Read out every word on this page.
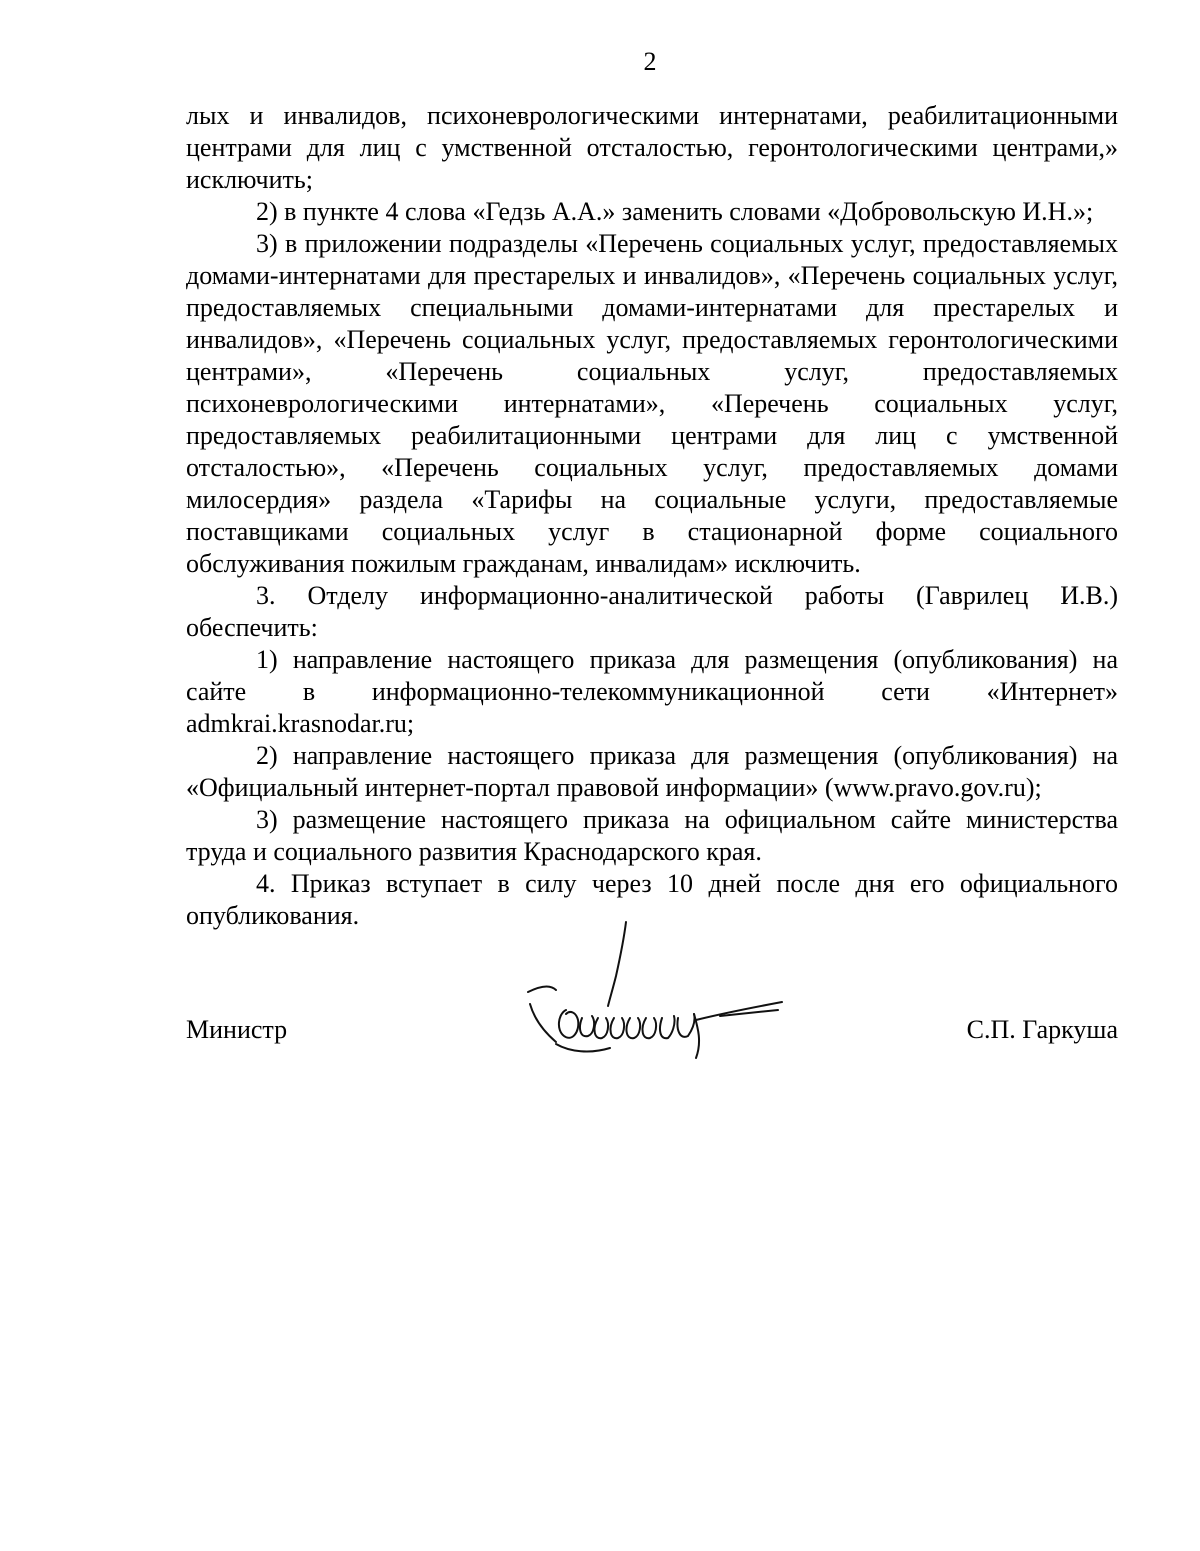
2

лых и инвалидов, психоневрологическими интернатами, реабилитационными центрами для лиц с умственной отсталостью, геронтологическими центрами,» исключить;

2) в пункте 4 слова «Гедзь А.А.» заменить словами «Добровольскую И.Н.»;

3) в приложении подразделы «Перечень социальных услуг, предоставляемых домами-интернатами для престарелых и инвалидов», «Перечень социальных услуг, предоставляемых специальными домами-интернатами для престарелых и инвалидов», «Перечень социальных услуг, предоставляемых геронтологическими центрами», «Перечень социальных услуг, предоставляемых психоневрологическими интернатами», «Перечень социальных услуг, предоставляемых реабилитационными центрами для лиц с умственной отсталостью», «Перечень социальных услуг, предоставляемых домами милосердия» раздела «Тарифы на социальные услуги, предоставляемые поставщиками социальных услуг в стационарной форме социального обслуживания пожилым гражданам, инвалидам» исключить.

3. Отделу информационно-аналитической работы (Гаврилец И.В.) обеспечить:

1) направление настоящего приказа для размещения (опубликования) на сайте в информационно-телекоммуникационной сети «Интернет»

admkrai.krasnodar.ru;

2) направление настоящего приказа для размещения (опубликования) на «Официальный интернет-портал правовой информации» (www.pravo.gov.ru);

3) размещение настоящего приказа на официальном сайте министерства труда и социального развития Краснодарского края.

4. Приказ вступает в силу через 10 дней после дня его официального опубликования.

Министр	С.П. Гаркуша
